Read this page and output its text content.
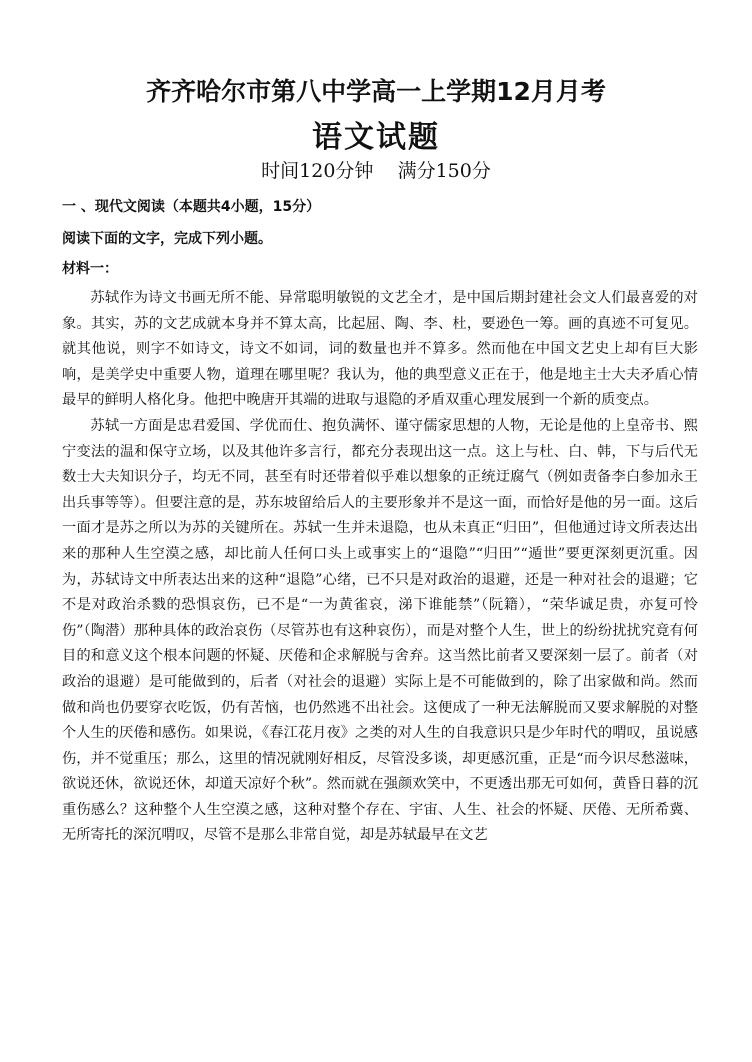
齐齐哈尔市第八中学高一上学期12月月考
语文试题
时间120分钟    满分150分
一 、现代文阅读（本题共4小题，15分）
阅读下面的文字，完成下列小题。
材料一：

苏轼作为诗文书画无所不能、异常聪明敏锐的文艺全才，是中国后期封建社会文人们最喜爱的对象。其实，苏的文艺成就本身并不算太高，比起屈、陶、李、杜，要逊色一筹。画的真迹不可复见。就其他说，则字不如诗文，诗文不如词，词的数量也并不算多。然而他在中国文艺史上却有巨大影响，是美学史中重要人物，道理在哪里呢？我认为，他的典型意义正在于，他是地主士大夫矛盾心情最早的鲜明人格化身。他把中晚唐开其端的进取与退隐的矛盾双重心理发展到一个新的质变点。

苏轼一方面是忠君爱国、学优而仕、抱负满怀、谨守儒家思想的人物，无论是他的上皇帝书、熙宁变法的温和保守立场，以及其他许多言行，都充分表现出这一点。这上与杜、白、韩，下与后代无数士大夫知识分子，均无不同，甚至有时还带着似乎难以想象的正统迂腐气（例如责备李白参加永王出兵事等等）。但要注意的是，苏东坡留给后人的主要形象并不是这一面，而恰好是他的另一面。这后一面才是苏之所以为苏的关键所在。苏轼一生并未退隐，也从未真正“归田”，但他通过诗文所表达出来的那种人生空漠之感，却比前人任何口头上或事实上的“退隐”“归田”“遁世”要更深刻更沉重。因为，苏轼诗文中所表达出来的这种“退隐”心绪，已不只是对政治的退避，还是一种对社会的退避；它不是对政治杀戮的恐惧哀伤，已不是“一为黄雀哀，涕下谁能禁”（阮籍），“荣华诚足贵，亦复可怜伤”（陶潜）那种具体的政治哀伤（尽管苏也有这种哀伤），而是对整个人生，世上的纷纷扰扰究竟有何目的和意义这个根本问题的怀疑、厌倦和企求解脱与舍弃。这当然比前者又要深刻一层了。前者（对政治的退避）是可能做到的，后者（对社会的退避）实际上是不可能做到的，除了出家做和尚。然而做和尚也仍要穿衣吃饭，仍有苦恼，也仍然逃不出社会。这便成了一种无法解脱而又要求解脱的对整个人生的厌倦和感伤。如果说，《春江花月夜》之类的对人生的自我意识只是少年时代的喟叹，虽说感伤，并不觉重压；那么，这里的情况就刚好相反，尽管没多谈，却更感沉重，正是“而今识尽愁滋味，欲说还休，欲说还休，却道天凉好个秋”。然而就在强颜欢笑中，不更透出那无可如何，黄昏日暮的沉重伤感么？这种整个人生空漠之感，这种对整个存在、宇宙、人生、社会的怀疑、厌倦、无所希冀、无所寄托的深沉喟叹，尽管不是那么非常自觉，却是苏轼最早在文艺
